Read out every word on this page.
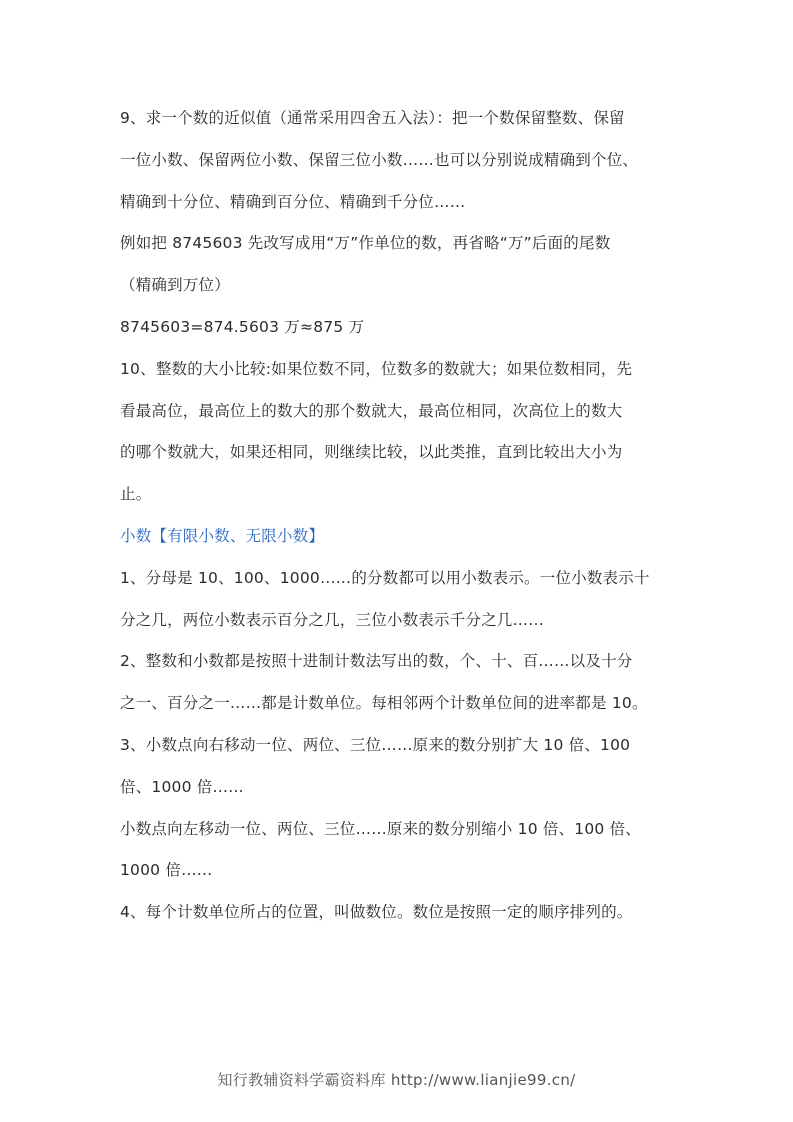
9、求一个数的近似值（通常采用四舍五入法）：把一个数保留整数、保留
一位小数、保留两位小数、保留三位小数……也可以分别说成精确到个位、
精确到十分位、精确到百分位、精确到千分位……
例如把 8745603 先改写成用“万”作单位的数，再省略“万”后面的尾数
（精确到万位）
8745603=874.5603 万≈875 万
10、整数的大小比较:如果位数不同，位数多的数就大；如果位数相同，先
看最高位，最高位上的数大的那个数就大，最高位相同，次高位上的数大
的哪个数就大，如果还相同，则继续比较，以此类推，直到比较出大小为
止。
小数【有限小数、无限小数】
1、分母是 10、100、1000……的分数都可以用小数表示。一位小数表示十
分之几，两位小数表示百分之几，三位小数表示千分之几……
2、整数和小数都是按照十进制计数法写出的数，个、十、百……以及十分
之一、百分之一……都是计数单位。每相邻两个计数单位间的进率都是 10。
3、小数点向右移动一位、两位、三位……原来的数分别扩大 10 倍、100
倍、1000 倍……
小数点向左移动一位、两位、三位……原来的数分别缩小 10 倍、100 倍、
1000 倍……
4、每个计数单位所占的位置，叫做数位。数位是按照一定的顺序排列的。
知行教辅资料学霸资料库 http://www.lianjie99.cn/
